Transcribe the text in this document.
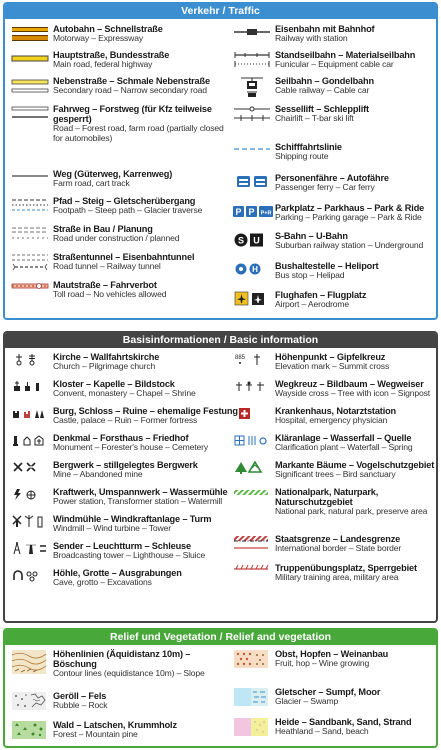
Verkehr / Traffic
Autobahn – Schnellstraße
Motorway – Expressway
Hauptstraße, Bundesstraße
Main road, federal highway
Nebenstraße – Schmale Nebenstraße
Secondary road – Narrow secondary road
Fahrweg – Forstweg (für Kfz teilweise gesperrt)
Road – Forest road, farm road (partially closed for automobiles)
Weg (Güterweg, Karrenweg)
Farm road, cart track
Pfad – Steig – Gletscherübergang
Footpath – Steep path – Glacier traverse
Straße in Bau / Planung
Road under construction / planned
Straßentunnel – Eisenbahntunnel
Road tunnel – Railway tunnel
Mautstraße – Fahrverbot
Toll road – No vehicles allowed
Eisenbahn mit Bahnhof
Railway with station
Standseilbahn – Materialseilbahn
Funicular – Equipment cable car
Seilbahn – Gondelbahn
Cable railway – Cable car
Sessellift – Schlepplift
Chairlift – T-bar ski lift
Schifffahrtslinie
Shipping route
Personenfähre – Autofähre
Passenger ferry – Car ferry
P P P+R
Parkplatz – Parkhaus – Park & Ride
Parking – Parking garage – Park & Ride
S U S-Bahn – U-Bahn
Suburban railway station – Underground
H Bushaltestelle – Heliport
Bus stop – Helipad
Flughafen – Flugplatz
Airport – Aerodrome
Basisinformationen / Basic information
Kirche – Wallfahrtskirche
Church – Pilgrimage church
Kloster – Kapelle – Bildstock
Convent, monastery – Chapel – Shrine
Burg, Schloss – Ruine – ehemalige Festung
Castle, palace – Ruin – Former fortress
Denkmal – Forsthaus – Friedhof
Monument – Forester's house – Cemetery
Bergwerk – stillgelegtes Bergwerk
Mine – Abandoned mine
Kraftwerk, Umspannwerk – Wassermühle
Power station, Transformer station – Watermill
Windmühle – Windkraftanlage – Turm
Windmill – Wind turbine – Tower
Sender – Leuchtturm – Schleuse
Broadcasting tower – Lighthouse – Sluice
Höhle, Grotte – Ausgrabungen
Cave, grotto – Excavations
885	Höhenpunkt – Gipfelkreuz
Elevation mark – Summit cross
Wegkreuz – Bildbaum – Wegweiser
Wayside cross – Tree with icon – Signpost
Krankenhaus, Notarztstation
Hospital, emergency physician
Kläranlage – Wasserfall – Quelle
Clarification plant – Waterfall – Spring
Markante Bäume – Vogelschutzgebiet
Significant trees – Bird sanctuary
Nationalpark, Naturpark, Naturschutzgebiet
National park, natural park, preserve area
Staatsgrenze – Landesgrenze
International border – State border
Truppenübungsplatz, Sperrgebiet
Military training area, military area
Relief und Vegetation / Relief and vegetation
Höhenlinien (Äquidistanz 10m) – Böschung
Contour lines (equidistance 10m) – Slope
Geröll – Fels
Rubble – Rock
Wald – Latschen, Krummholz
Forest – Mountain pine
Obst, Hopfen – Weinanbau
Fruit, hop – Wine growing
Gletscher – Sumpf, Moor
Glacier – Swamp
Heide – Sandbank, Sand, Strand
Heathland – Sand, beach
